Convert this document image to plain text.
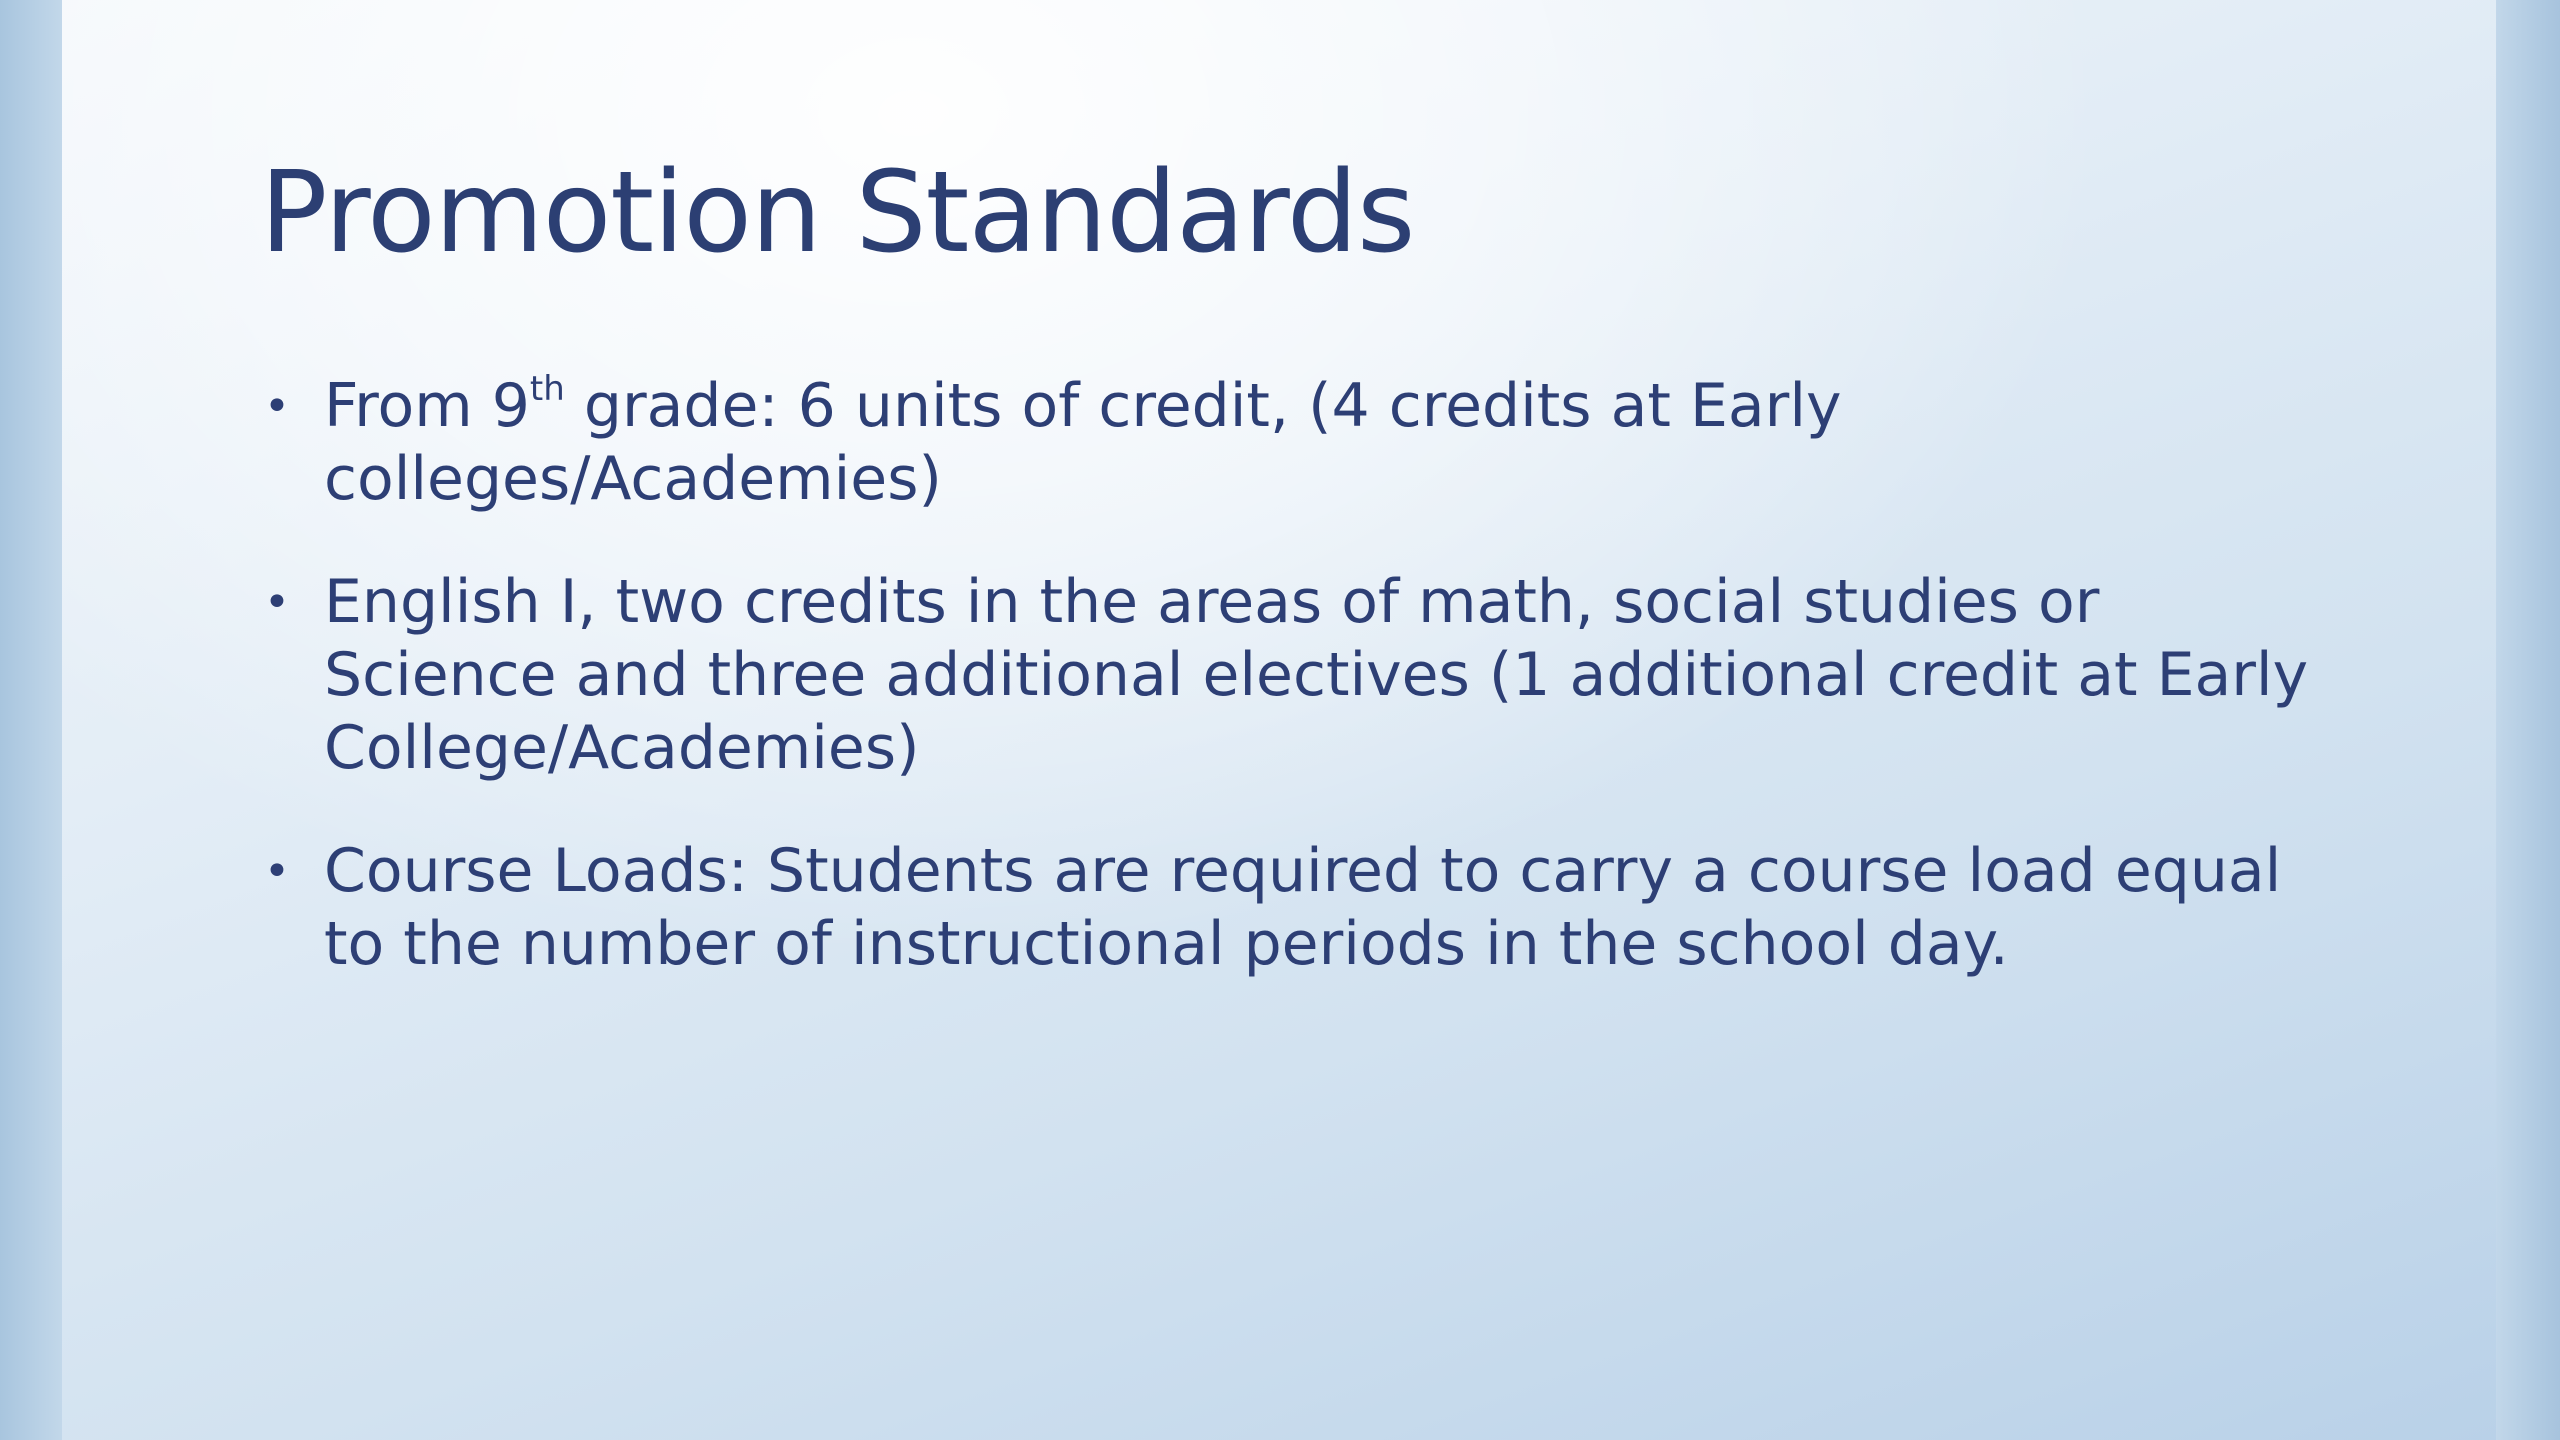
Promotion Standards
• From 9th grade: 6 units of credit, (4 credits at Early colleges/Academies)
• English I, two credits in the areas of math, social studies or Science and three additional electives (1 additional credit at Early College/Academies)
• Course Loads: Students are required to carry a course load equal to the number of instructional periods in the school day.
